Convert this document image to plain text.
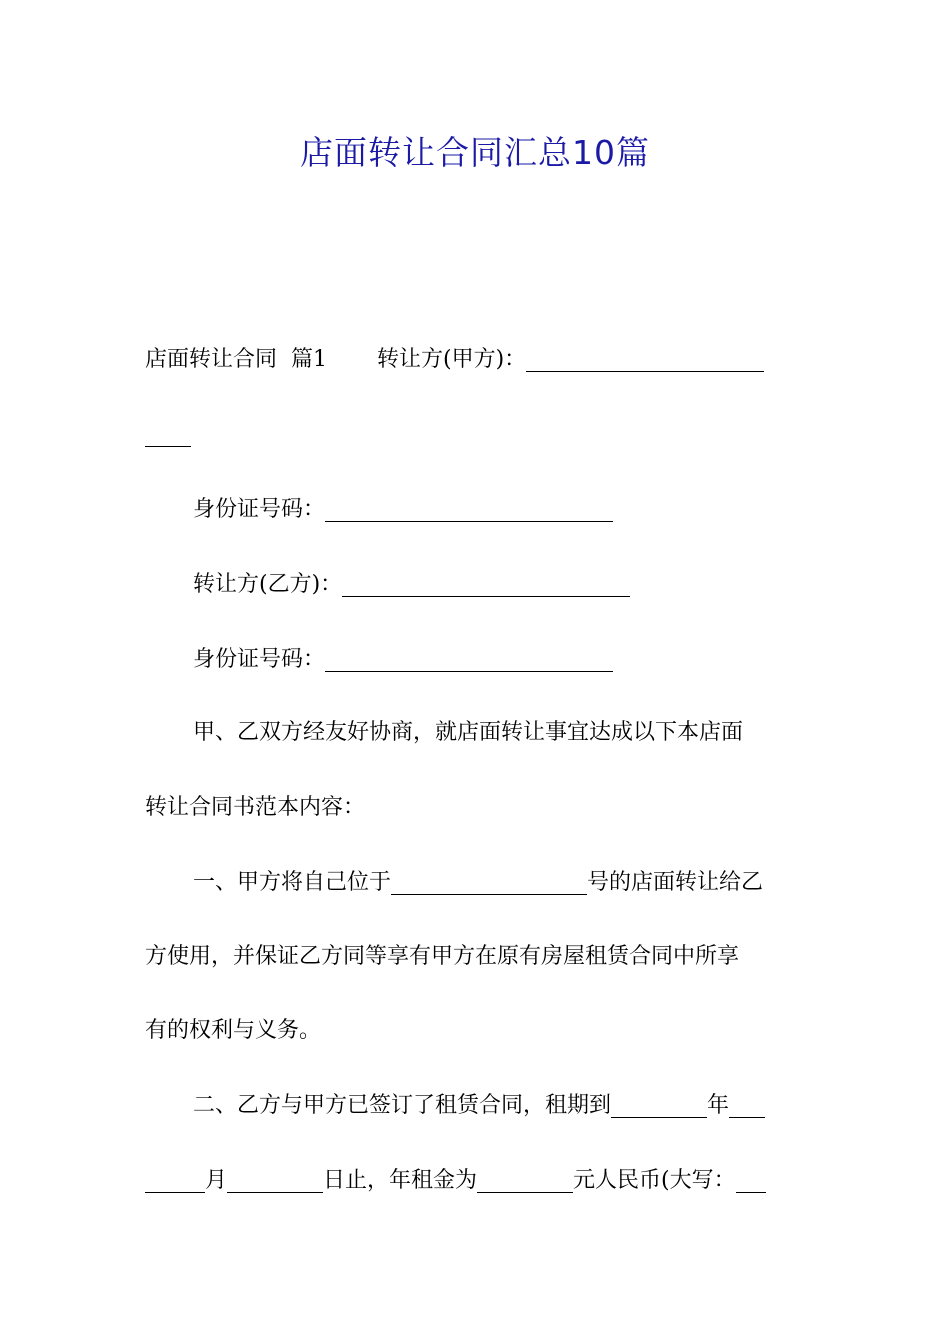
店面转让合同汇总10篇
店面转让合同 篇1 转让方(甲方)：
身份证号码：
转让方(乙方)：
身份证号码：
甲、乙双方经友好协商，就店面转让事宜达成以下本店面
转让合同书范本内容：
一、甲方将自己位于	号的店面转让给乙
方使用，并保证乙方同等享有甲方在原有房屋租赁合同中所享
有的权利与义务。
二、乙方与甲方已签订了租赁合同，租期到	年
月	日止，年租金为	元人民币(大写：
